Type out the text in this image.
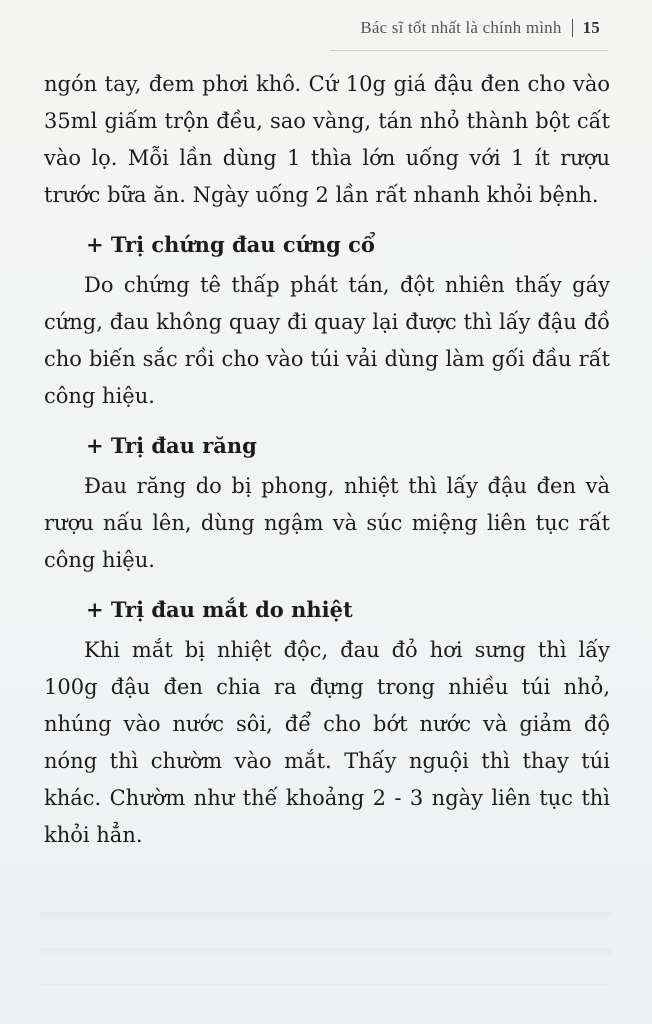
Bác sĩ tốt nhất là chính mình 15

ngón tay, đem phơi khô. Cứ 10g giá đậu đen cho vào 35ml giấm trộn đều, sao vàng, tán nhỏ thành bột cất vào lọ. Mỗi lần dùng 1 thìa lớn uống với 1 ít rượu trước bữa ăn. Ngày uống 2 lần rất nhanh khỏi bệnh.

+ Trị chứng đau cứng cổ

Do chứng tê thấp phát tán, đột nhiên thấy gáy cứng, đau không quay đi quay lại được thì lấy đậu đồ cho biến sắc rồi cho vào túi vải dùng làm gối đầu rất công hiệu.

+ Trị đau răng

Đau răng do bị phong, nhiệt thì lấy đậu đen và rượu nấu lên, dùng ngậm và súc miệng liên tục rất công hiệu.

+ Trị đau mắt do nhiệt

Khi mắt bị nhiệt độc, đau đỏ hơi sưng thì lấy 100g đậu đen chia ra đựng trong nhiều túi nhỏ, nhúng vào nước sôi, để cho bớt nước và giảm độ nóng thì chườm vào mắt. Thấy nguội thì thay túi khác. Chườm như thế khoảng 2 - 3 ngày liên tục thì khỏi hẳn.
